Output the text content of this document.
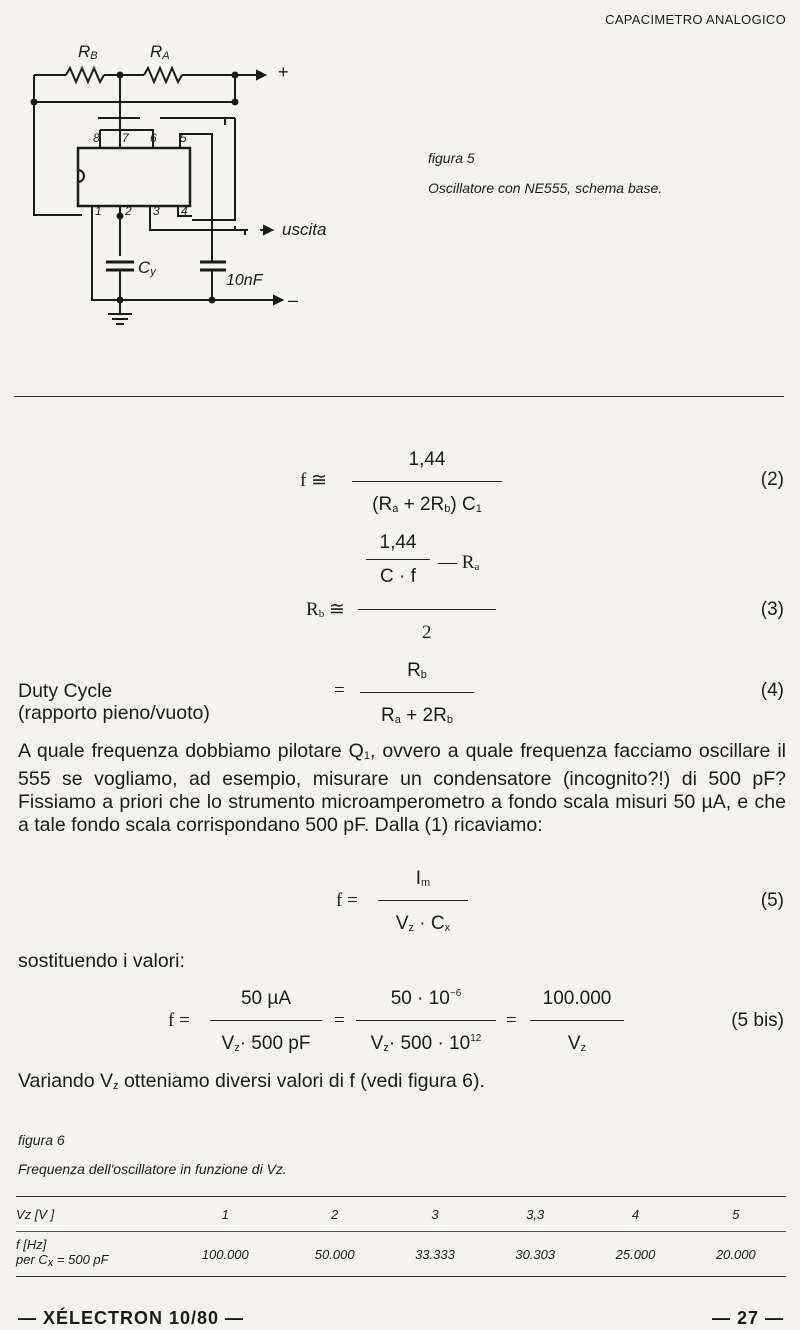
CAPACIMETRO ANALOGICO
$R_B$	$R_A$
+
uscita
$C_y$	10nF
–
8 7 6 5
1 2 3 4
figura 5
Oscillatore con NE555, schema base.
f ≅
1,44
$(R_a + 2R_b)$ $C_1$
(2)
1,44
C · f
— $R_a$
$R_b$ ≅
2
(3)
Duty Cycle
(rapporto pieno/vuoto)
=
$R_b$
$R_a + 2R_b$
(4)
A quale frequenza dobbiamo pilotare $Q_1$, ovvero a quale frequenza facciamo oscillare il 555 se vogliamo, ad esempio, misurare un condensatore (incognito?!) di 500 pF? Fissiamo a priori che lo strumento microamperometro a fondo scala misuri 50 µA, e che a tale fondo scala corrispondano 500 pF. Dalla (1) ricaviamo:
f =
$I_m$
$V_z \cdot C_x$
(5)
sostituendo i valori:
f =
50 µA
$V_z\cdot 500$ pF
=
$50 \cdot 10^{-6}$
$V_z\cdot 500 \cdot 10^{12}$
=
100.000
$V_z$
(5 bis)
Variando $V_z$ otteniamo diversi valori di f (vedi figura 6).
figura 6
Frequenza dell'oscillatore in funzione di Vz.
Vz [V ]	1	2	3	3,3	4	5

f [Hz]
per $C_x = 500$ pF	100.000	50.000	33.333	30.303	25.000	20.000
— XÉLECTRON 10/80 —	— 27 —
